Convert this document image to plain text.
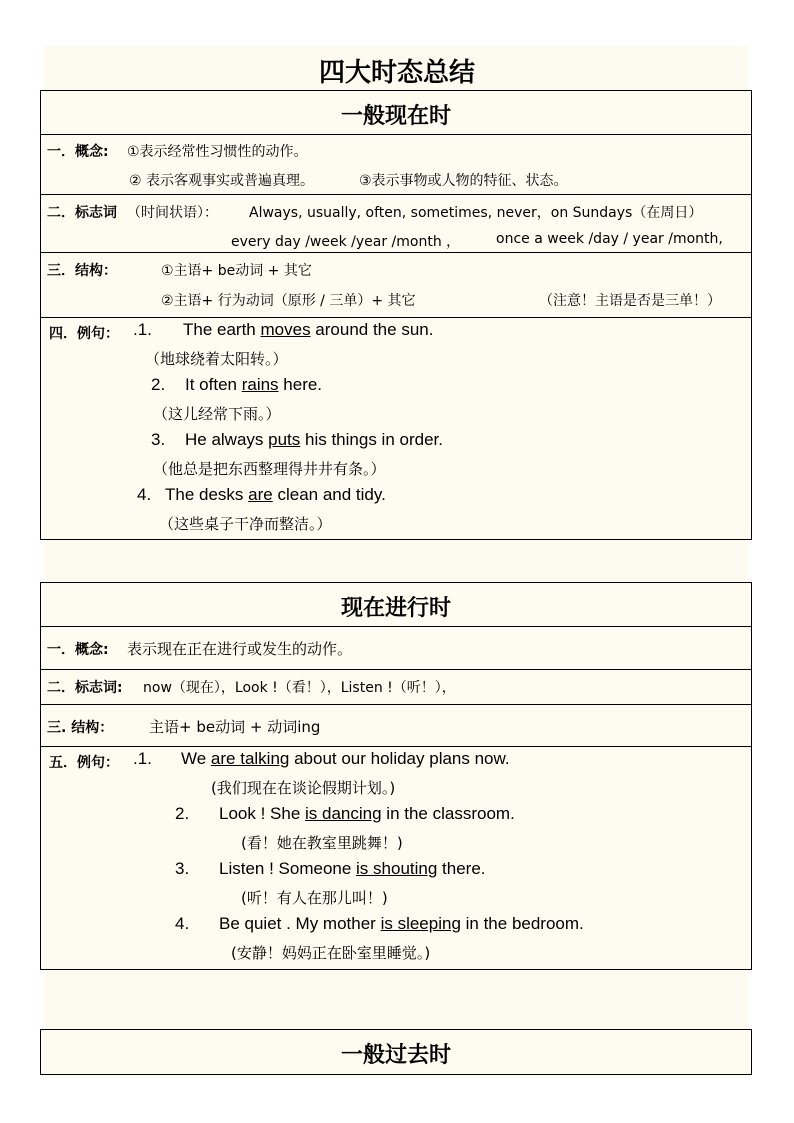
四大时态总结
一般现在时
一．概念: ①表示经常性习惯性的动作。
② 表示客观事实或普遍真理。	③表示事物或人物的特征、状态。
二．标志词 （时间状语）： Always, usually, often, sometimes, never，on Sundays（在周日）
every day /week /year /month ，	once a week /day / year /month,
三．结构：	①主语+ be动词 + 其它
②主语+ 行为动词（原形 / 三单）+ 其它	（注意！主语是否是三单！）
四．例句： .1. The earth moves around the sun.
（地球绕着太阳转。）
2. It often rains here.
（这儿经常下雨。）
3. He always puts his things in order.
（他总是把东西整理得井井有条。）
4. The desks are clean and tidy.
（这些桌子干净而整洁。）
现在进行时
一．概念: 表示现在正在进行或发生的动作。
二．标志词: now（现在），Look !（看！），Listen !（听！），
三. 结构： 主语+ be动词 + 动词ing
五．例句： .1. We are talking about our holiday plans now.
(我们现在在谈论假期计划。)
2. Look ! She is dancing in the classroom.
(看！她在教室里跳舞！)
3. Listen ! Someone is shouting there.
(听！有人在那儿叫！)
4. Be quiet . My mother is sleeping in the bedroom.
(安静！妈妈正在卧室里睡觉。)
一般过去时
